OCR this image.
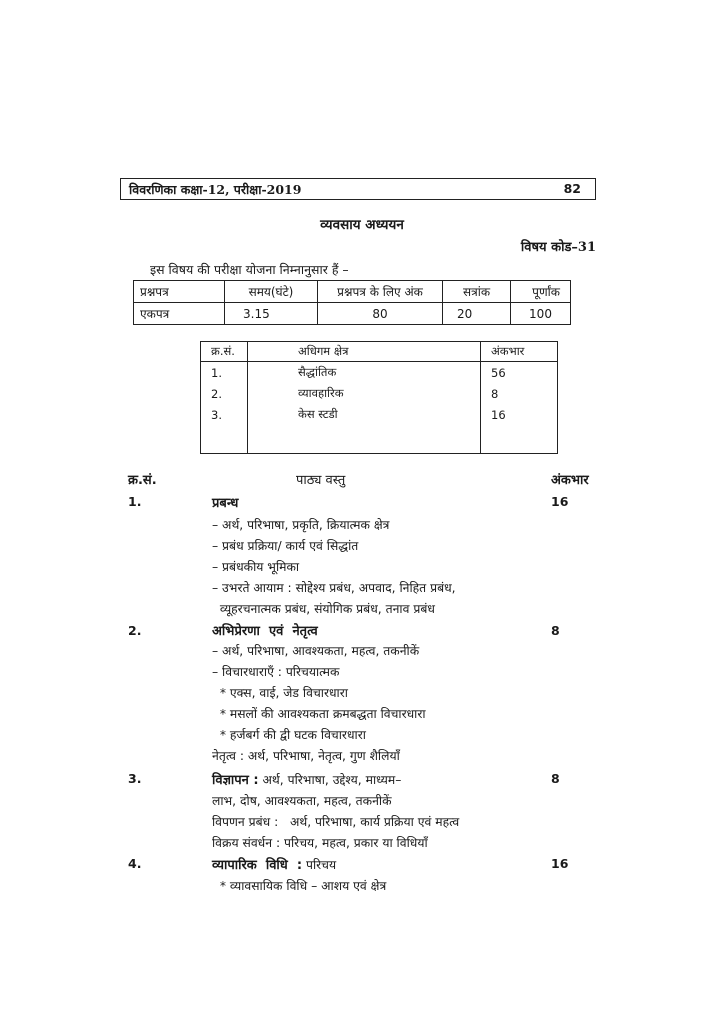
विवरणिका कक्षा-12, परीक्षा-2019	82
व्यवसाय अध्ययन
विषय कोड–31
इस विषय की परीक्षा योजना निम्नानुसार हैं –
प्रश्नपत्र	समय(घंटे)	प्रश्नपत्र के लिए अंक	सत्रांक	पूर्णांक
एकपत्र	3.15	80	20	100
क्र.सं.	अधिगम क्षेत्र	अंकभार
1.	सैद्धांतिक	56
2.	व्यावहारिक	8
3.	केस स्टडी	16

क्र.सं.	पाठ्य वस्तु	अंकभार
1.	प्रबन्ध	16
– अर्थ, परिभाषा, प्रकृति, क्रियात्मक क्षेत्र
– प्रबंध प्रक्रिया/ कार्य एवं सिद्धांत
– प्रबंधकीय भूमिका
– उभरते आयाम : सोद्देश्य प्रबंध, अपवाद, निहित प्रबंध,
व्यूहरचनात्मक प्रबंध, संयोगिक प्रबंध, तनाव प्रबंध
2.	अभिप्रेरणा  एवं  नेतृत्व	8
– अर्थ, परिभाषा, आवश्यकता, महत्व, तकनीकें
– विचारधाराएँ : परिचयात्मक
* एक्स, वाई, जेड विचारधारा
* मसलों की आवश्यकता क्रमबद्धता विचारधारा
* हर्जबर्ग की द्वी घटक विचारधारा
नेतृत्व : अर्थ, परिभाषा, नेतृत्व, गुण शैलियाँ
3.	विज्ञापन : अर्थ, परिभाषा, उद्देश्य, माध्यम–	8
लाभ, दोष, आवश्यकता, महत्व, तकनीकें
विपणन प्रबंध :   अर्थ, परिभाषा, कार्य प्रक्रिया एवं महत्व
विक्रय संवर्धन : परिचय, महत्व, प्रकार या विधियाँ
4.	व्यापारिक  विधि  : परिचय	16
* व्यावसायिक विधि – आशय एवं क्षेत्र
